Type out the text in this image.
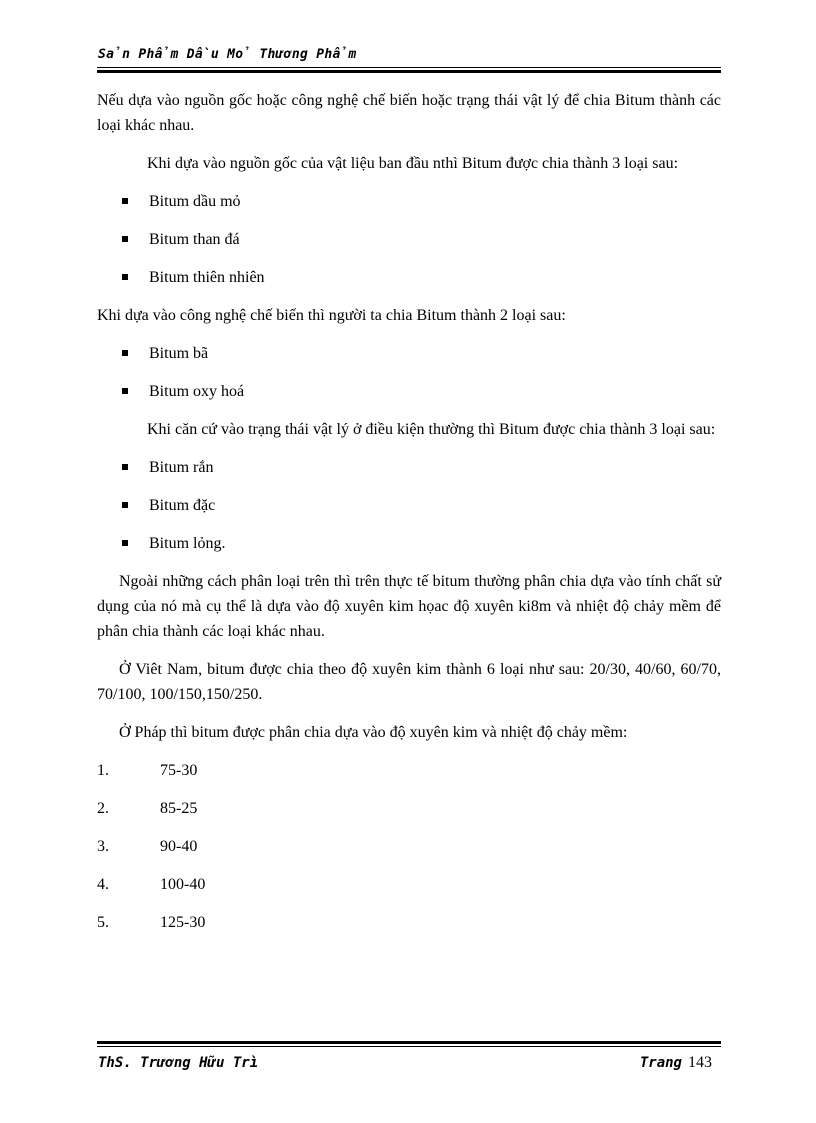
Sản Phẩm Dầu Mỏ Thương Phẩm

Nếu dựa vào nguồn gốc hoặc công nghệ chế biến hoặc trạng thái vật lý để chia Bitum thành các loại khác nhau.

Khi dựa vào nguồn gốc của vật liệu ban đầu nthì Bitum được chia thành 3 loại sau:

Bitum dầu mỏ
Bitum than đá
Bitum thiên nhiên

Khi dựa vào công nghệ chế biến thì người ta chia Bitum thành 2 loại sau:

Bitum bã
Bitum oxy hoá

Khi căn cứ vào trạng thái vật lý ở điều kiện thường thì Bitum được chia thành 3 loại sau:

Bitum rắn
Bitum đặc
Bitum lỏng.

Ngoài những cách phân loại trên thì trên thực tế bitum thường phân chia dựa vào tính chất sử dụng của nó mà cụ thể là dựa vào độ xuyên kim họac độ xuyên ki8m và nhiệt độ chảy mềm để phân chia thành các loại khác nhau.

Ở Viêt Nam, bitum được chia theo độ xuyên kim thành 6 loại như sau: 20/30, 40/60, 60/70, 70/100, 100/150,150/250.

Ở Pháp thì bitum được phân chia dựa vào độ xuyên kim và nhiệt độ chảy mềm:

1.	75-30
2.	85-25
3.	90-40
4.	100-40
5.	125-30
ThS. Trương Hữu Trì	Trang 143
